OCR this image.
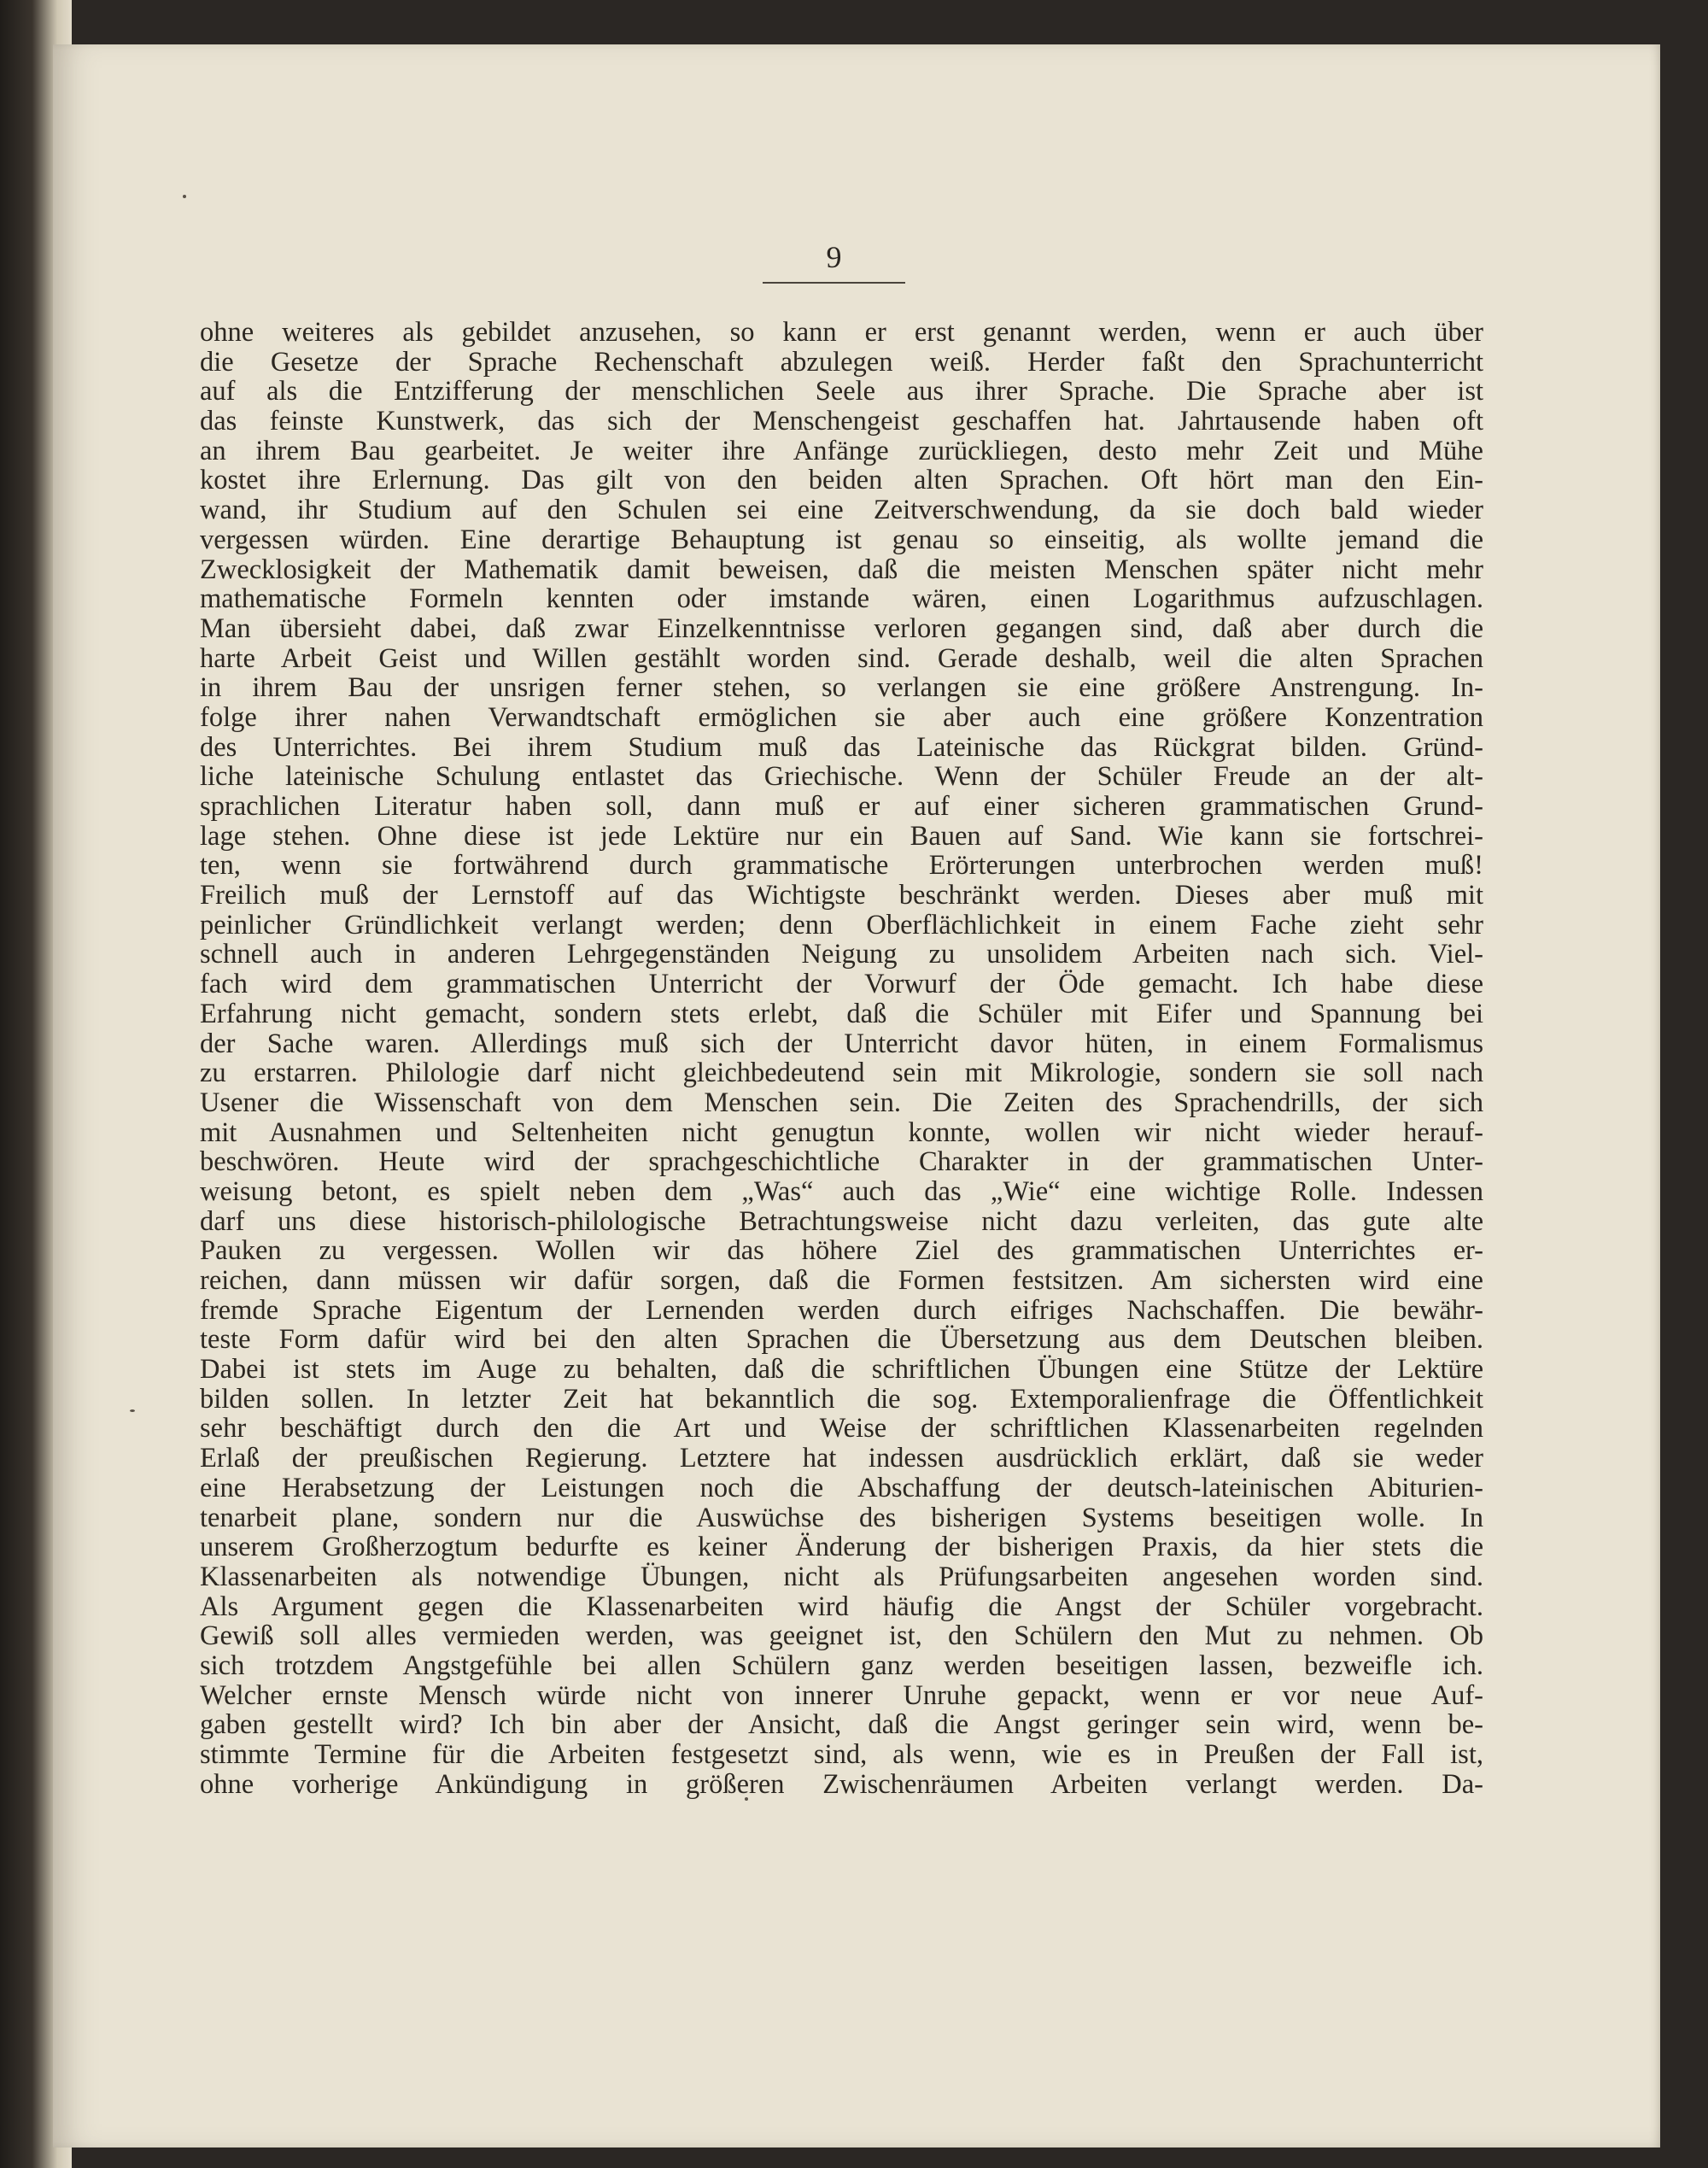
9
ohne weiteres als gebildet anzusehen, so kann er erst genannt werden, wenn er auch über
die Gesetze der Sprache Rechenschaft abzulegen weiß. Herder faßt den Sprachunterricht
auf als die Entzifferung der menschlichen Seele aus ihrer Sprache. Die Sprache aber ist
das feinste Kunstwerk, das sich der Menschengeist geschaffen hat. Jahrtausende haben oft
an ihrem Bau gearbeitet. Je weiter ihre Anfänge zurückliegen, desto mehr Zeit und Mühe
kostet ihre Erlernung. Das gilt von den beiden alten Sprachen. Oft hört man den Ein-
wand, ihr Studium auf den Schulen sei eine Zeitverschwendung, da sie doch bald wieder
vergessen würden. Eine derartige Behauptung ist genau so einseitig, als wollte jemand die
Zwecklosigkeit der Mathematik damit beweisen, daß die meisten Menschen später nicht mehr
mathematische Formeln kennten oder imstande wären, einen Logarithmus aufzuschlagen.
Man übersieht dabei, daß zwar Einzelkenntnisse verloren gegangen sind, daß aber durch die
harte Arbeit Geist und Willen gestählt worden sind. Gerade deshalb, weil die alten Sprachen
in ihrem Bau der unsrigen ferner stehen, so verlangen sie eine größere Anstrengung. In-
folge ihrer nahen Verwandtschaft ermöglichen sie aber auch eine größere Konzentration
des Unterrichtes. Bei ihrem Studium muß das Lateinische das Rückgrat bilden. Gründ-
liche lateinische Schulung entlastet das Griechische. Wenn der Schüler Freude an der alt-
sprachlichen Literatur haben soll, dann muß er auf einer sicheren grammatischen Grund-
lage stehen. Ohne diese ist jede Lektüre nur ein Bauen auf Sand. Wie kann sie fortschrei-
ten, wenn sie fortwährend durch grammatische Erörterungen unterbrochen werden muß!
Freilich muß der Lernstoff auf das Wichtigste beschränkt werden. Dieses aber muß mit
peinlicher Gründlichkeit verlangt werden; denn Oberflächlichkeit in einem Fache zieht sehr
schnell auch in anderen Lehrgegenständen Neigung zu unsolidem Arbeiten nach sich. Viel-
fach wird dem grammatischen Unterricht der Vorwurf der Öde gemacht. Ich habe diese
Erfahrung nicht gemacht, sondern stets erlebt, daß die Schüler mit Eifer und Spannung bei
der Sache waren. Allerdings muß sich der Unterricht davor hüten, in einem Formalismus
zu erstarren. Philologie darf nicht gleichbedeutend sein mit Mikrologie, sondern sie soll nach
Usener die Wissenschaft von dem Menschen sein. Die Zeiten des Sprachendrills, der sich
mit Ausnahmen und Seltenheiten nicht genugtun konnte, wollen wir nicht wieder herauf-
beschwören. Heute wird der sprachgeschichtliche Charakter in der grammatischen Unter-
weisung betont, es spielt neben dem „Was“ auch das „Wie“ eine wichtige Rolle. Indessen
darf uns diese historisch-philologische Betrachtungsweise nicht dazu verleiten, das gute alte
Pauken zu vergessen. Wollen wir das höhere Ziel des grammatischen Unterrichtes er-
reichen, dann müssen wir dafür sorgen, daß die Formen festsitzen. Am sichersten wird eine
fremde Sprache Eigentum der Lernenden werden durch eifriges Nachschaffen. Die bewähr-
teste Form dafür wird bei den alten Sprachen die Übersetzung aus dem Deutschen bleiben.
Dabei ist stets im Auge zu behalten, daß die schriftlichen Übungen eine Stütze der Lektüre
bilden sollen. In letzter Zeit hat bekanntlich die sog. Extemporalienfrage die Öffentlichkeit
sehr beschäftigt durch den die Art und Weise der schriftlichen Klassenarbeiten regelnden
Erlaß der preußischen Regierung. Letztere hat indessen ausdrücklich erklärt, daß sie weder
eine Herabsetzung der Leistungen noch die Abschaffung der deutsch-lateinischen Abiturien-
tenarbeit plane, sondern nur die Auswüchse des bisherigen Systems beseitigen wolle. In
unserem Großherzogtum bedurfte es keiner Änderung der bisherigen Praxis, da hier stets die
Klassenarbeiten als notwendige Übungen, nicht als Prüfungsarbeiten angesehen worden sind.
Als Argument gegen die Klassenarbeiten wird häufig die Angst der Schüler vorgebracht.
Gewiß soll alles vermieden werden, was geeignet ist, den Schülern den Mut zu nehmen. Ob
sich trotzdem Angstgefühle bei allen Schülern ganz werden beseitigen lassen, bezweifle ich.
Welcher ernste Mensch würde nicht von innerer Unruhe gepackt, wenn er vor neue Auf-
gaben gestellt wird? Ich bin aber der Ansicht, daß die Angst geringer sein wird, wenn be-
stimmte Termine für die Arbeiten festgesetzt sind, als wenn, wie es in Preußen der Fall ist,
ohne vorherige Ankündigung in größeren Zwischenräumen Arbeiten verlangt werden. Da-
